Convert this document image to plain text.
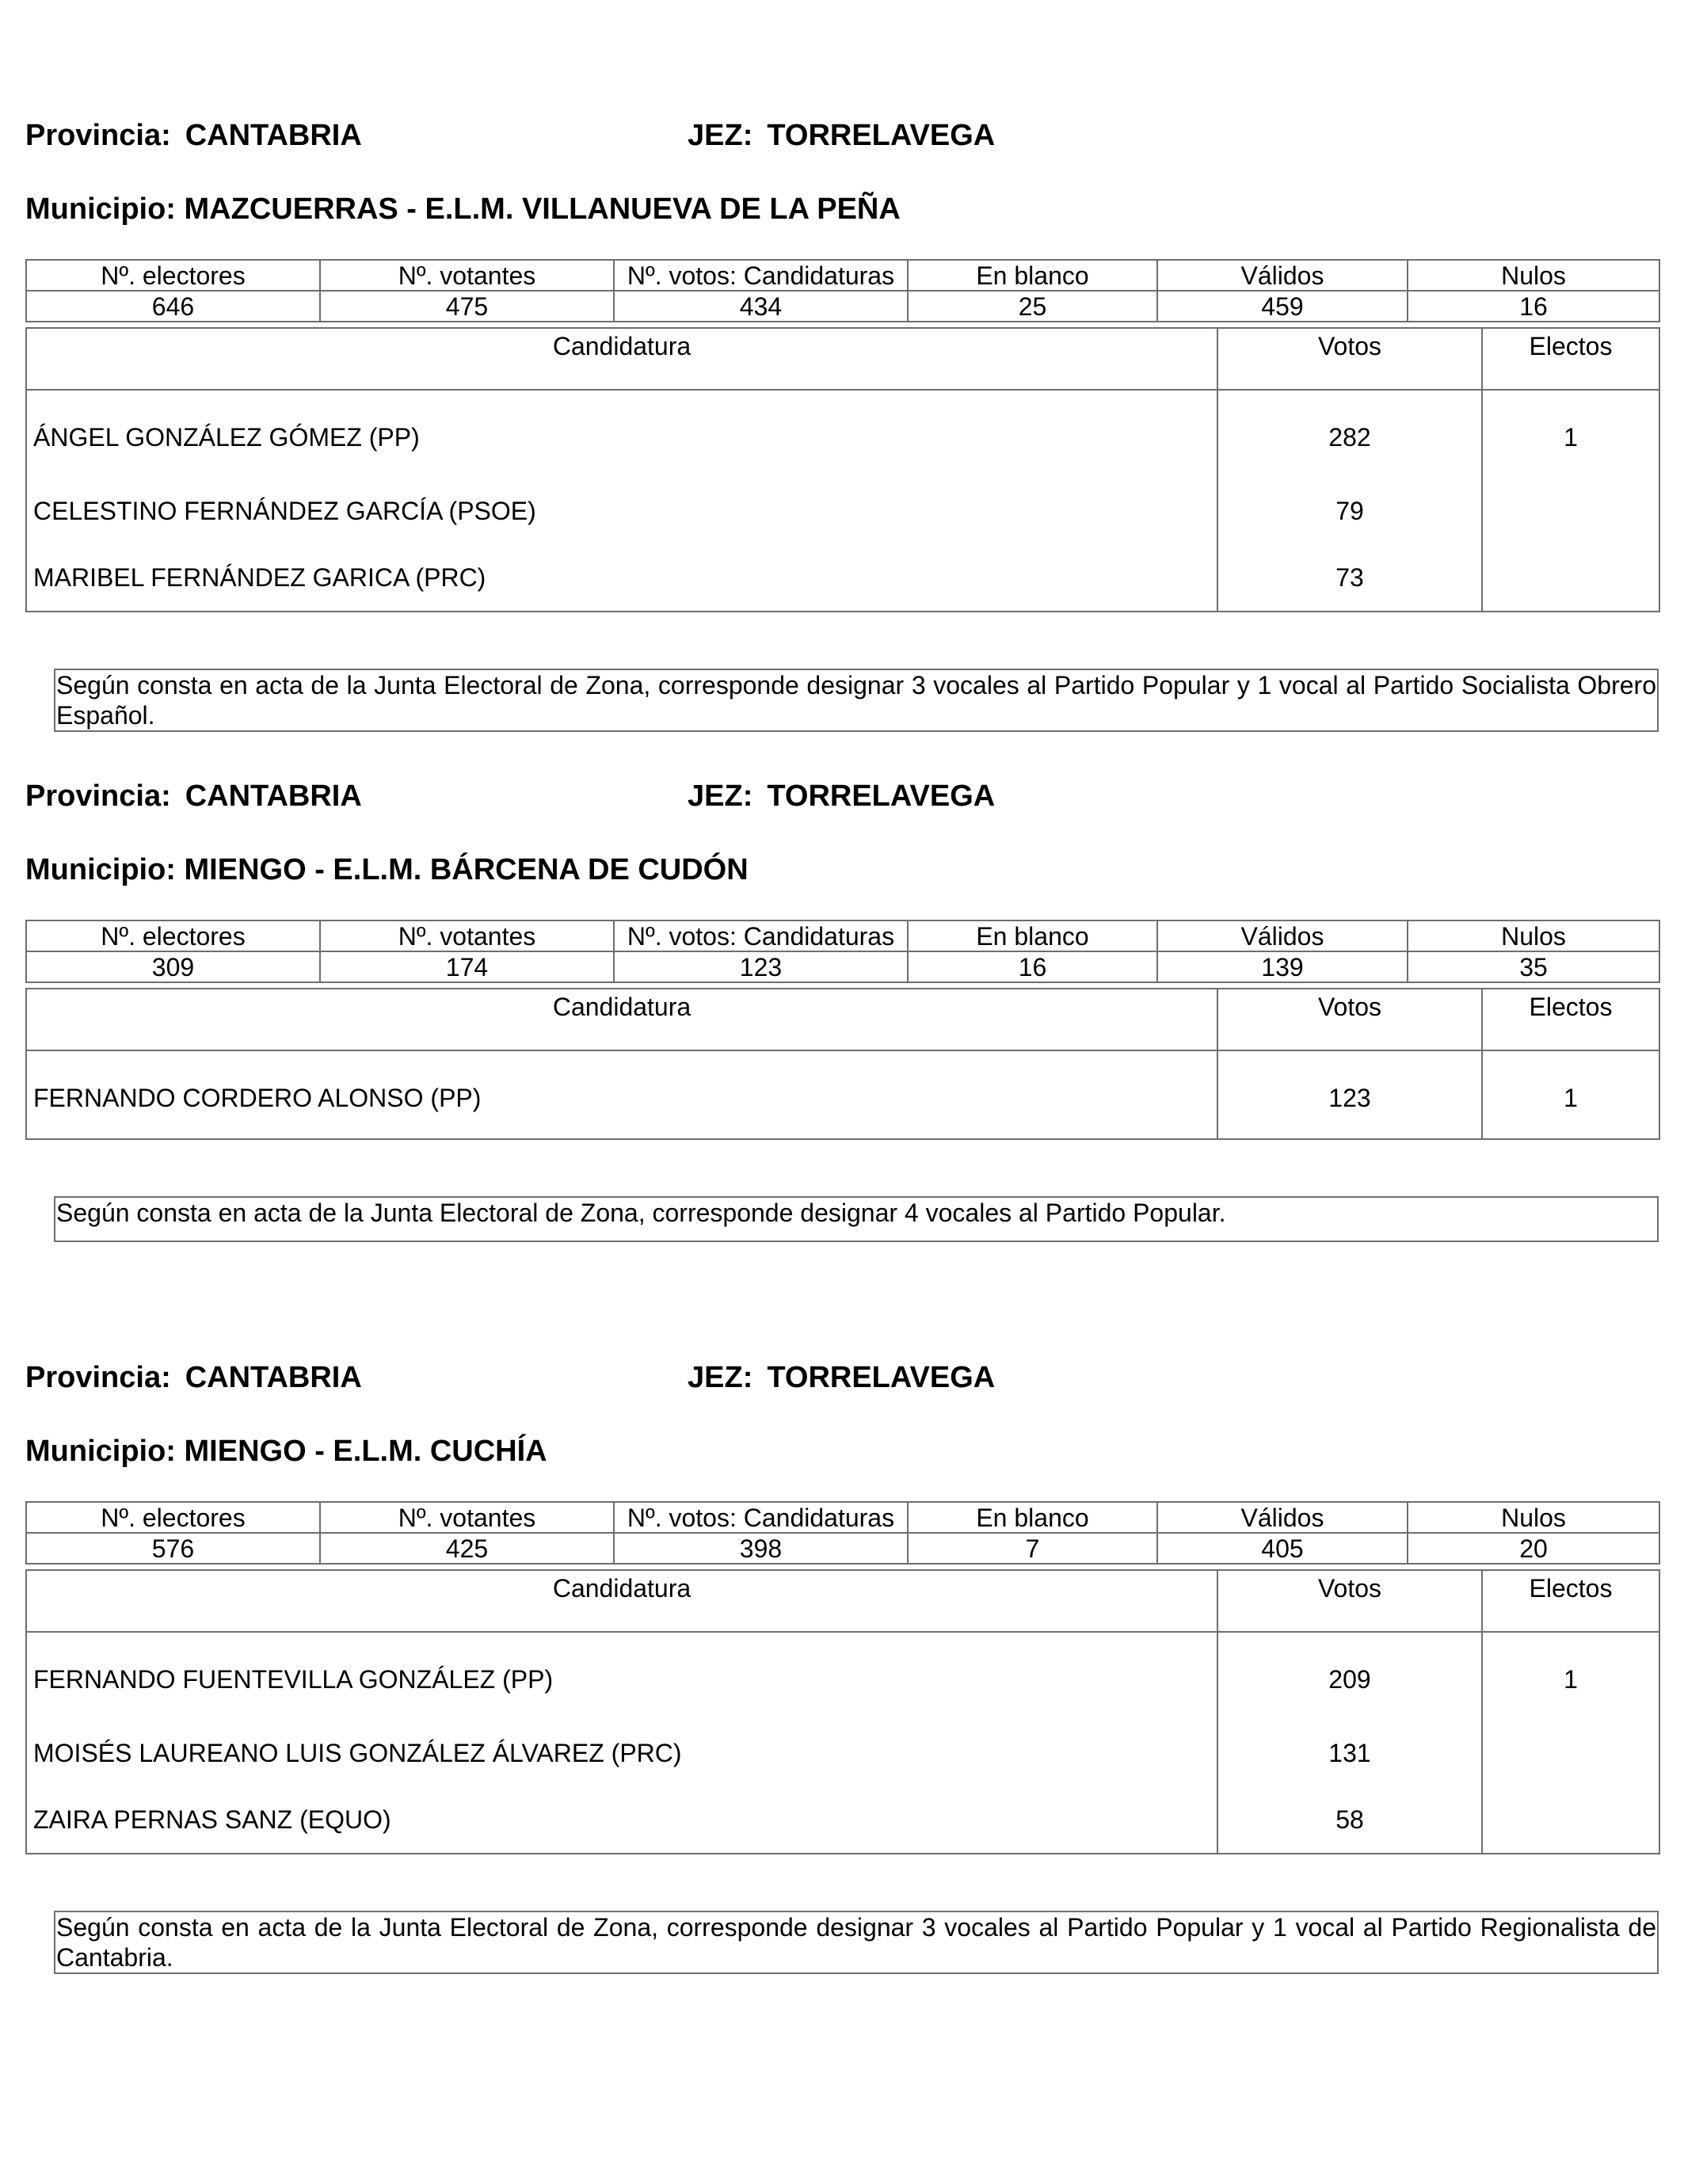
Provincia: CANTABRIA	JEZ: TORRELAVEGA
Municipio: MAZCUERRAS - E.L.M. VILLANUEVA DE LA PEÑA
Nº. electores	Nº. votantes	Nº. votos: Candidaturas	En blanco	Válidos	Nulos
646	475	434	25	459	16
Candidatura	Votos	Electos
ÁNGEL GONZÁLEZ GÓMEZ (PP)	282	1
CELESTINO FERNÁNDEZ GARCÍA (PSOE)	79	
MARIBEL FERNÁNDEZ GARICA (PRC)	73	
Según consta en acta de la Junta Electoral de Zona, corresponde designar 3 vocales al Partido Popular y 1 vocal al Partido Socialista Obrero Español.
Provincia: CANTABRIA	JEZ: TORRELAVEGA
Municipio: MIENGO - E.L.M. BÁRCENA DE CUDÓN
Nº. electores	Nº. votantes	Nº. votos: Candidaturas	En blanco	Válidos	Nulos
309	174	123	16	139	35
Candidatura	Votos	Electos
FERNANDO CORDERO ALONSO (PP)	123	1
Según consta en acta de la Junta Electoral de Zona, corresponde designar 4 vocales al Partido Popular.
Provincia: CANTABRIA	JEZ: TORRELAVEGA
Municipio: MIENGO - E.L.M. CUCHÍA
Nº. electores	Nº. votantes	Nº. votos: Candidaturas	En blanco	Válidos	Nulos
576	425	398	7	405	20
Candidatura	Votos	Electos
FERNANDO FUENTEVILLA GONZÁLEZ (PP)	209	1
MOISÉS LAUREANO LUIS GONZÁLEZ ÁLVAREZ (PRC)	131	
ZAIRA PERNAS SANZ (EQUO)	58	
Según consta en acta de la Junta Electoral de Zona, corresponde designar 3 vocales al Partido Popular y 1 vocal al Partido Regionalista de Cantabria.
